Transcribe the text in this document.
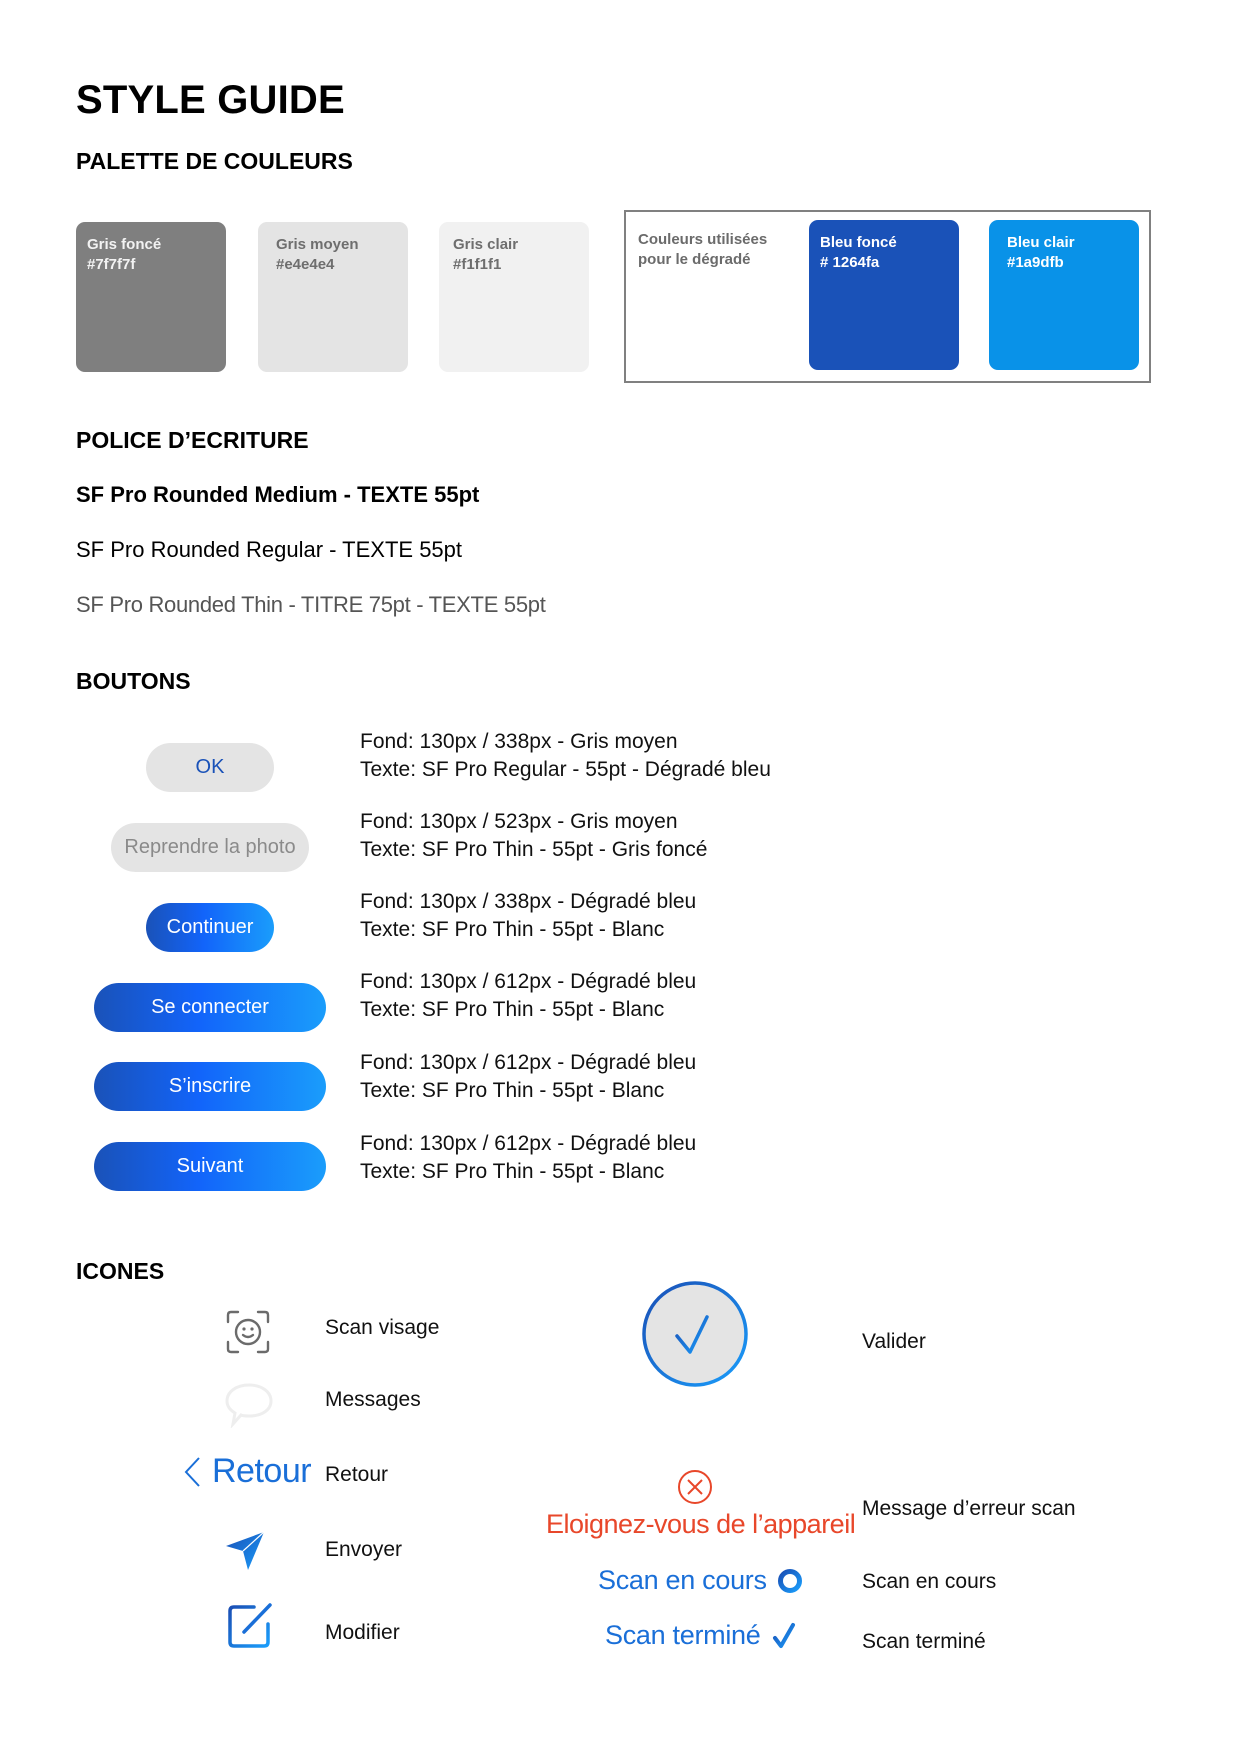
STYLE GUIDE
PALETTE DE COULEURS
Gris foncé
#7f7f7f
Gris moyen
#e4e4e4
Gris clair
#f1f1f1
Couleurs utilisées pour le dégradé
Bleu foncé
# 1264fa
Bleu clair
#1a9dfb
POLICE D’ECRITURE
SF Pro Rounded Medium - TEXTE 55pt
SF Pro Rounded Regular - TEXTE 55pt
SF Pro Rounded Thin - TITRE 75pt - TEXTE 55pt
BOUTONS
OK
Fond: 130px / 338px - Gris moyen
Texte: SF Pro Regular - 55pt - Dégradé bleu
Reprendre la photo
Fond: 130px / 523px - Gris moyen
Texte: SF Pro Thin - 55pt - Gris foncé
Continuer
Fond: 130px / 338px - Dégradé bleu
Texte: SF Pro Thin - 55pt - Blanc
Se connecter
Fond: 130px / 612px - Dégradé bleu
Texte: SF Pro Thin - 55pt - Blanc
S’inscrire
Fond: 130px / 612px - Dégradé bleu
Texte: SF Pro Thin - 55pt - Blanc
Suivant
Fond: 130px / 612px - Dégradé bleu
Texte: SF Pro Thin - 55pt - Blanc
ICONES
Scan visage
Messages
Retour Retour
Envoyer
Modifier
Valider
Eloignez-vous de l’appareil
Message d’erreur scan
Scan en cours	Scan en cours
Scan terminé	Scan terminé
